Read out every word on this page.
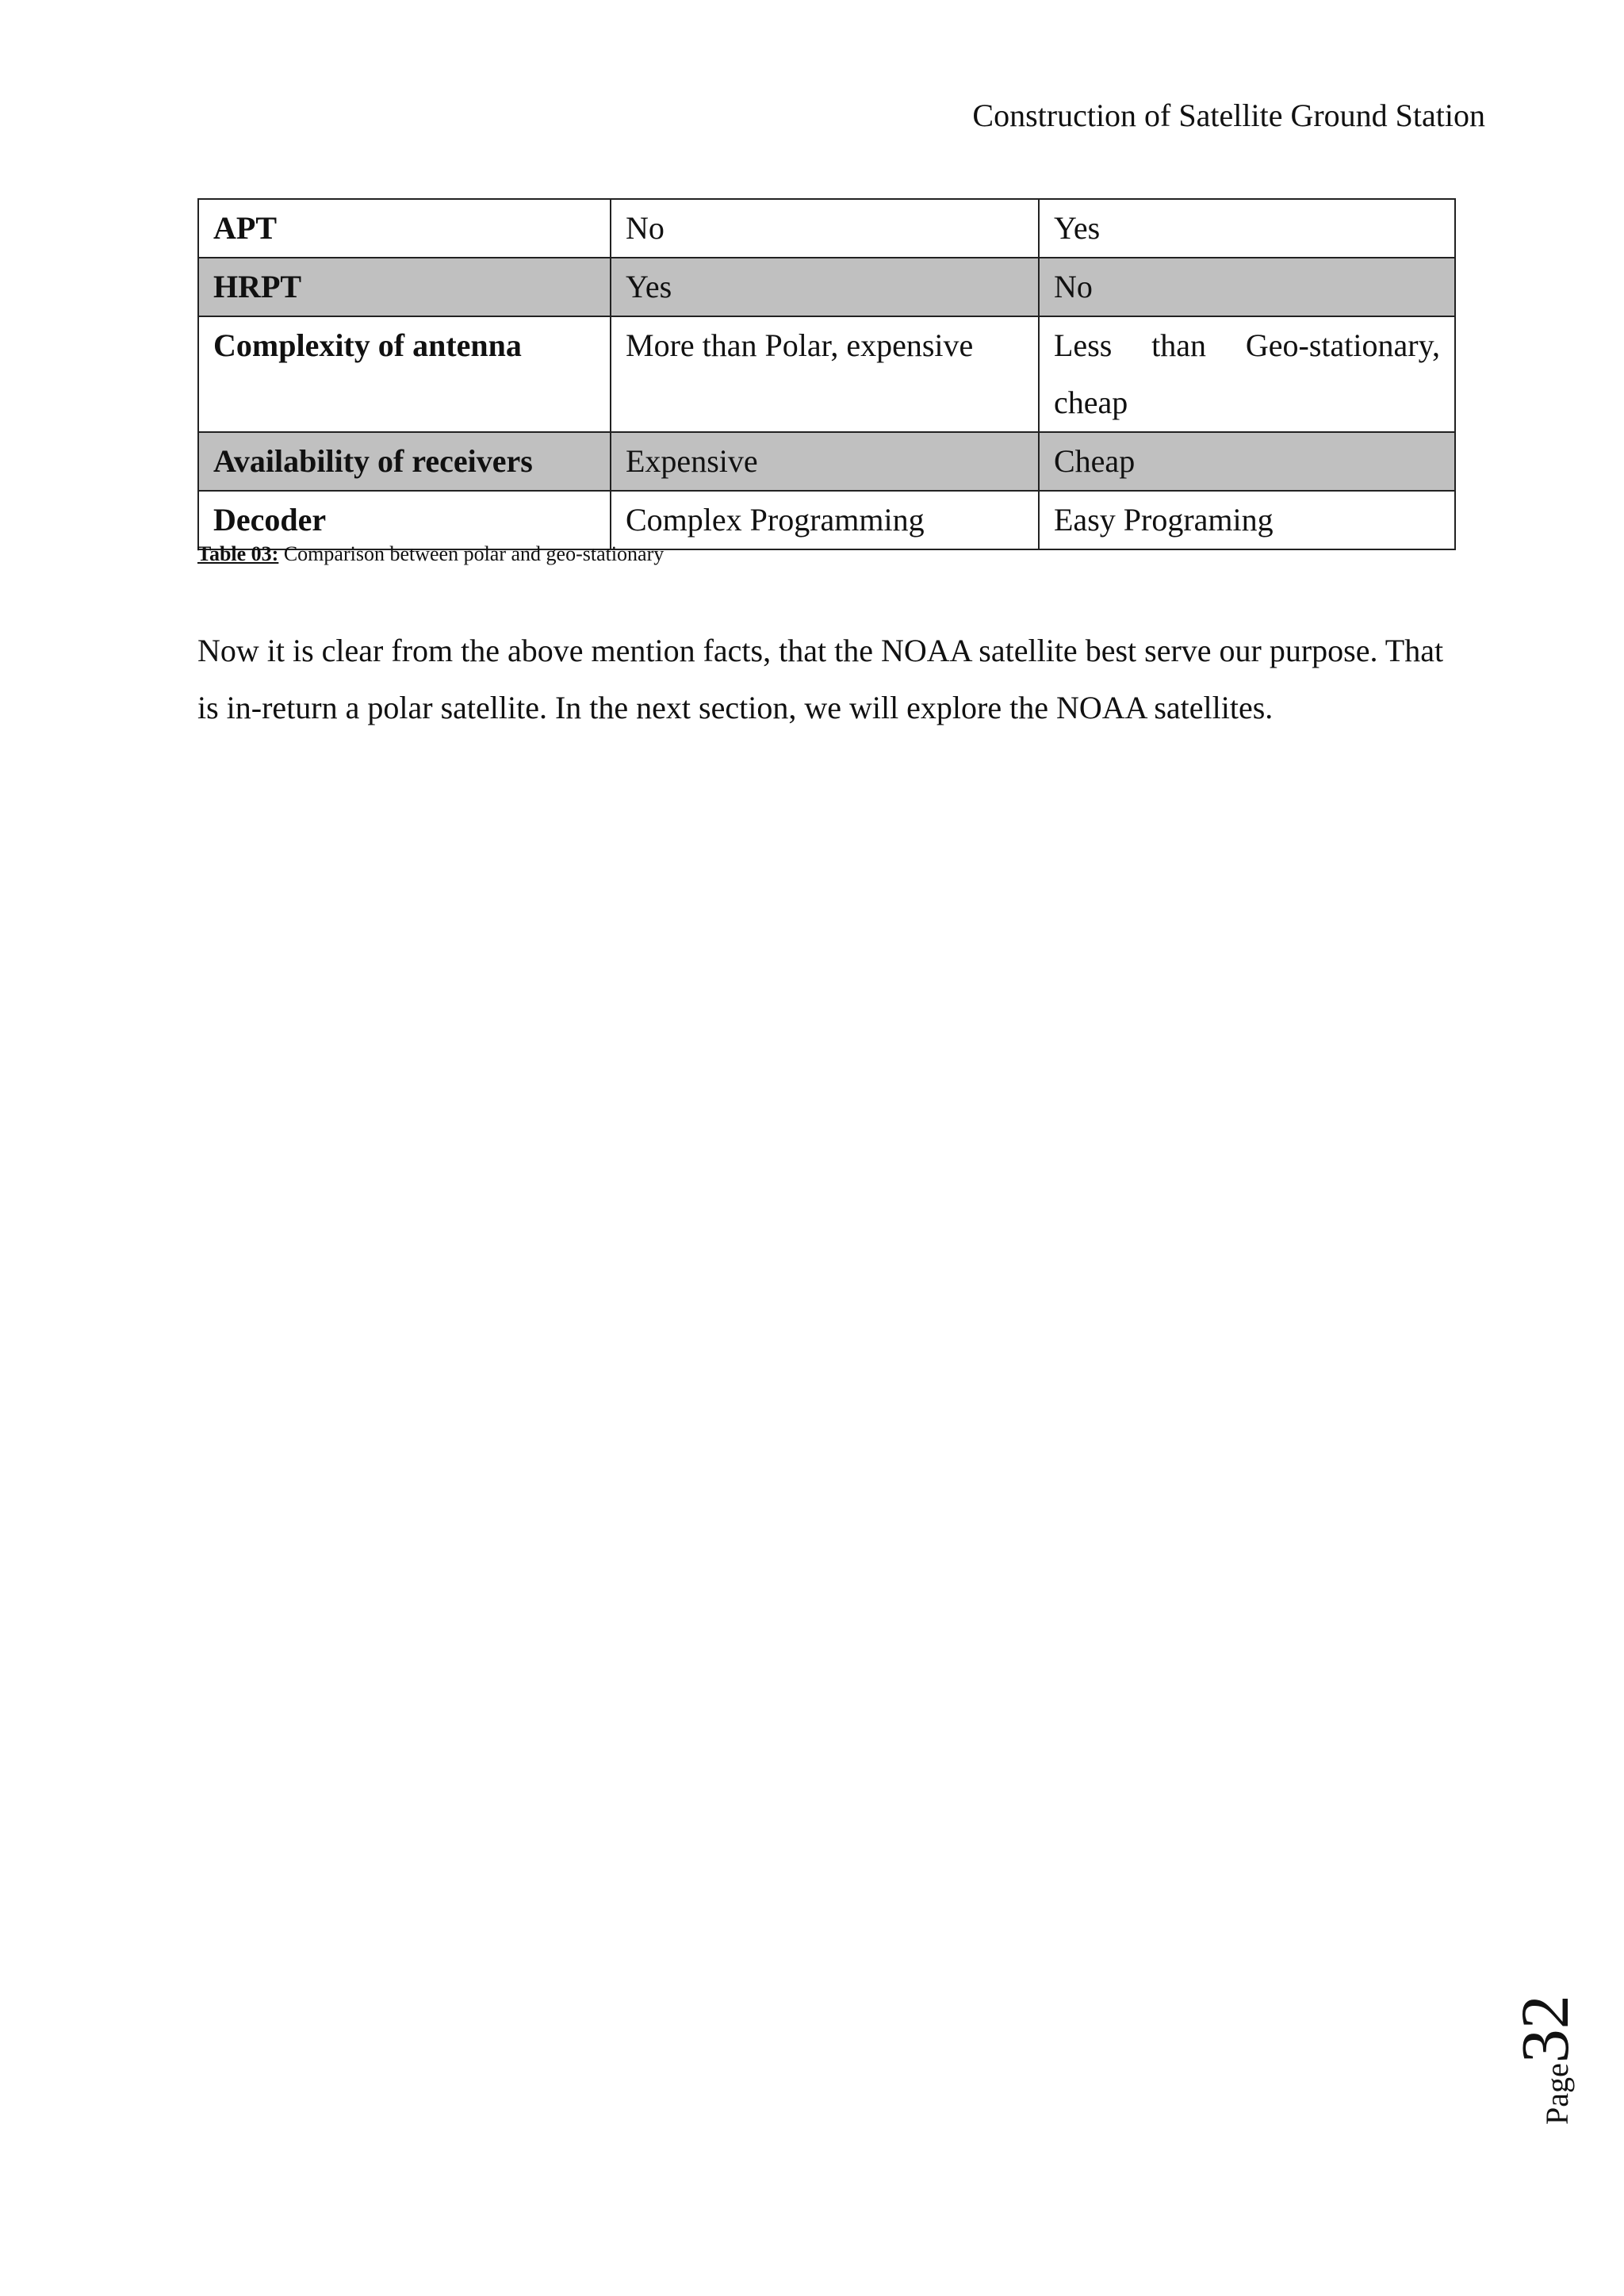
Construction of Satellite Ground Station
APT	No	Yes
HRPT	Yes	No
Complexity of antenna	More than Polar, expensive	Less than Geo-stationary, cheap
Availability of receivers	Expensive	Cheap
Decoder	Complex Programming	Easy Programing
Table 03: Comparison between polar and geo-stationary

Now it is clear from the above mention facts, that the NOAA satellite best serve our purpose. That is in-return a polar satellite. In the next section, we will explore the NOAA satellites.

Page32
